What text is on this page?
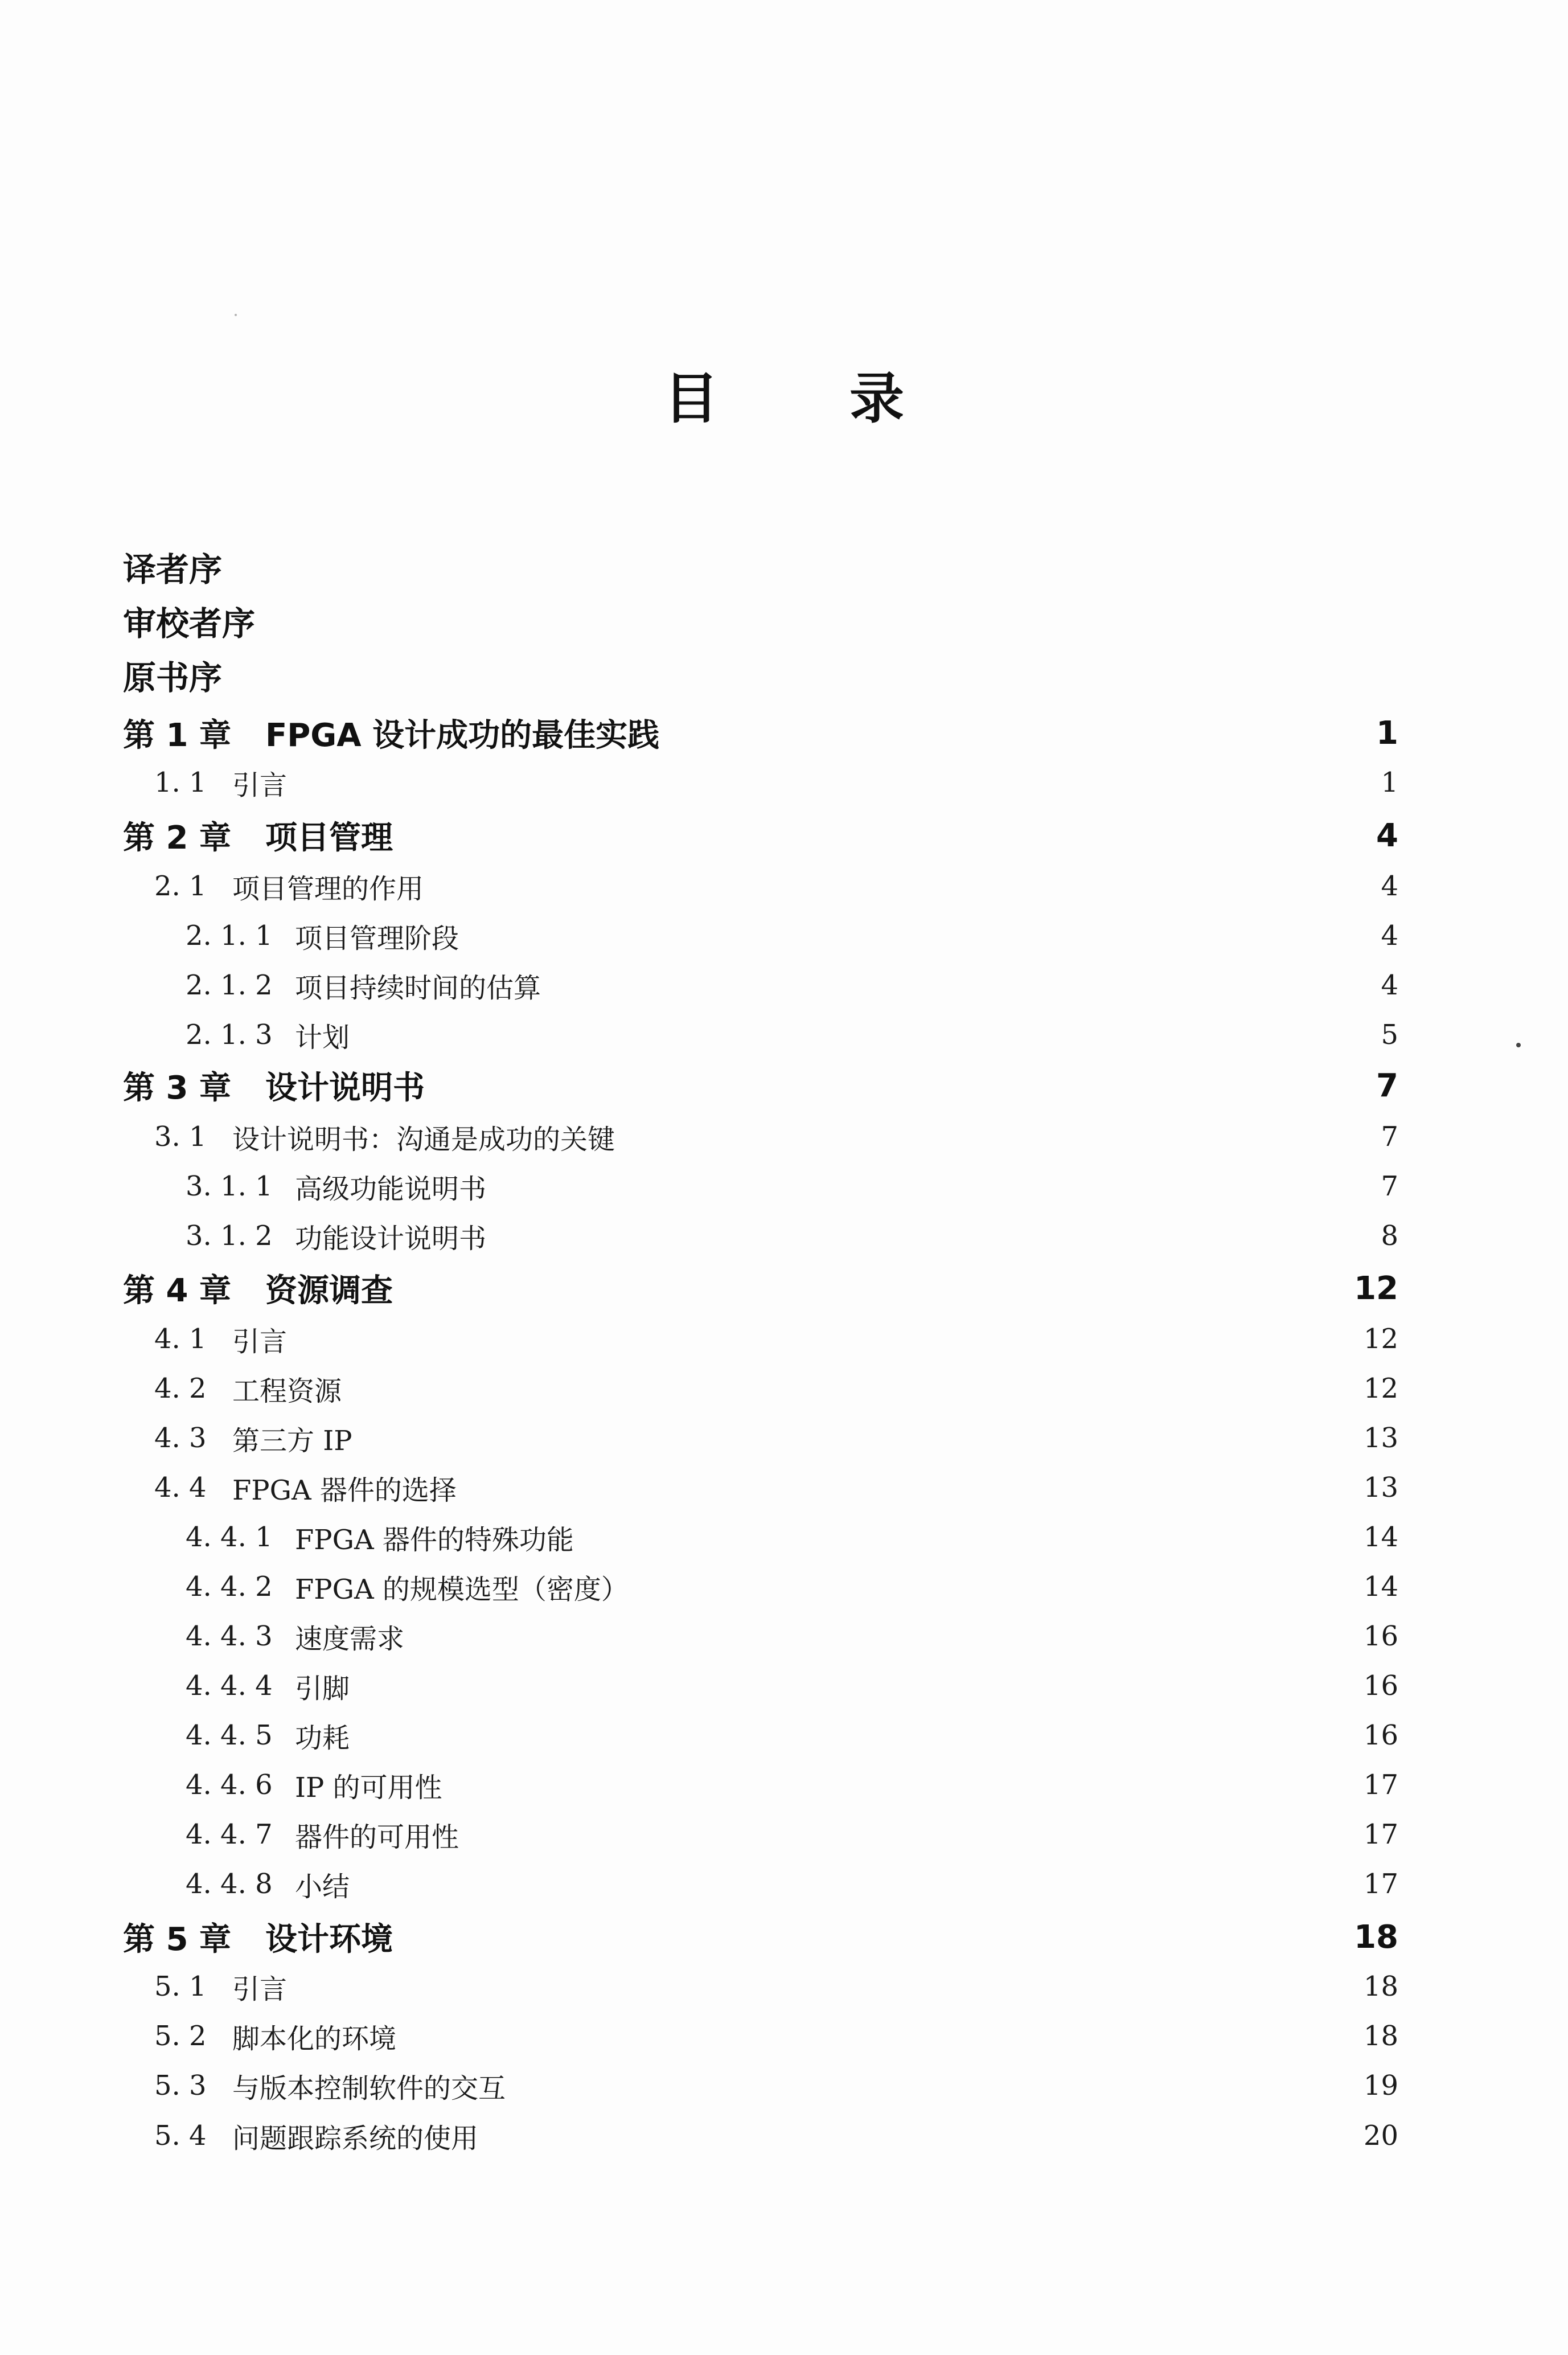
目 录
译者序
审校者序
原书序
第 1 章	FPGA 设计成功的最佳实践	1
1. 1 引言	1
第 2 章	项目管理	4
2. 1 项目管理的作用	4
2. 1. 1 项目管理阶段	4
2. 1. 2 项目持续时间的估算	4
2. 1. 3 计划	5
第 3 章	设计说明书	7
3. 1 设计说明书：沟通是成功的关键	7
3. 1. 1 高级功能说明书	7
3. 1. 2 功能设计说明书	8
第 4 章	资源调查	12
4. 1 引言	12
4. 2 工程资源	12
4. 3 第三方 IP	13
4. 4 FPGA 器件的选择	13
4. 4. 1 FPGA 器件的特殊功能	14
4. 4. 2 FPGA 的规模选型（密度）	14
4. 4. 3 速度需求	16
4. 4. 4 引脚	16
4. 4. 5 功耗	16
4. 4. 6 IP 的可用性	17
4. 4. 7 器件的可用性	17
4. 4. 8 小结	17
第 5 章	设计环境	18
5. 1 引言	18
5. 2 脚本化的环境	18
5. 3 与版本控制软件的交互	19
5. 4 问题跟踪系统的使用	20
